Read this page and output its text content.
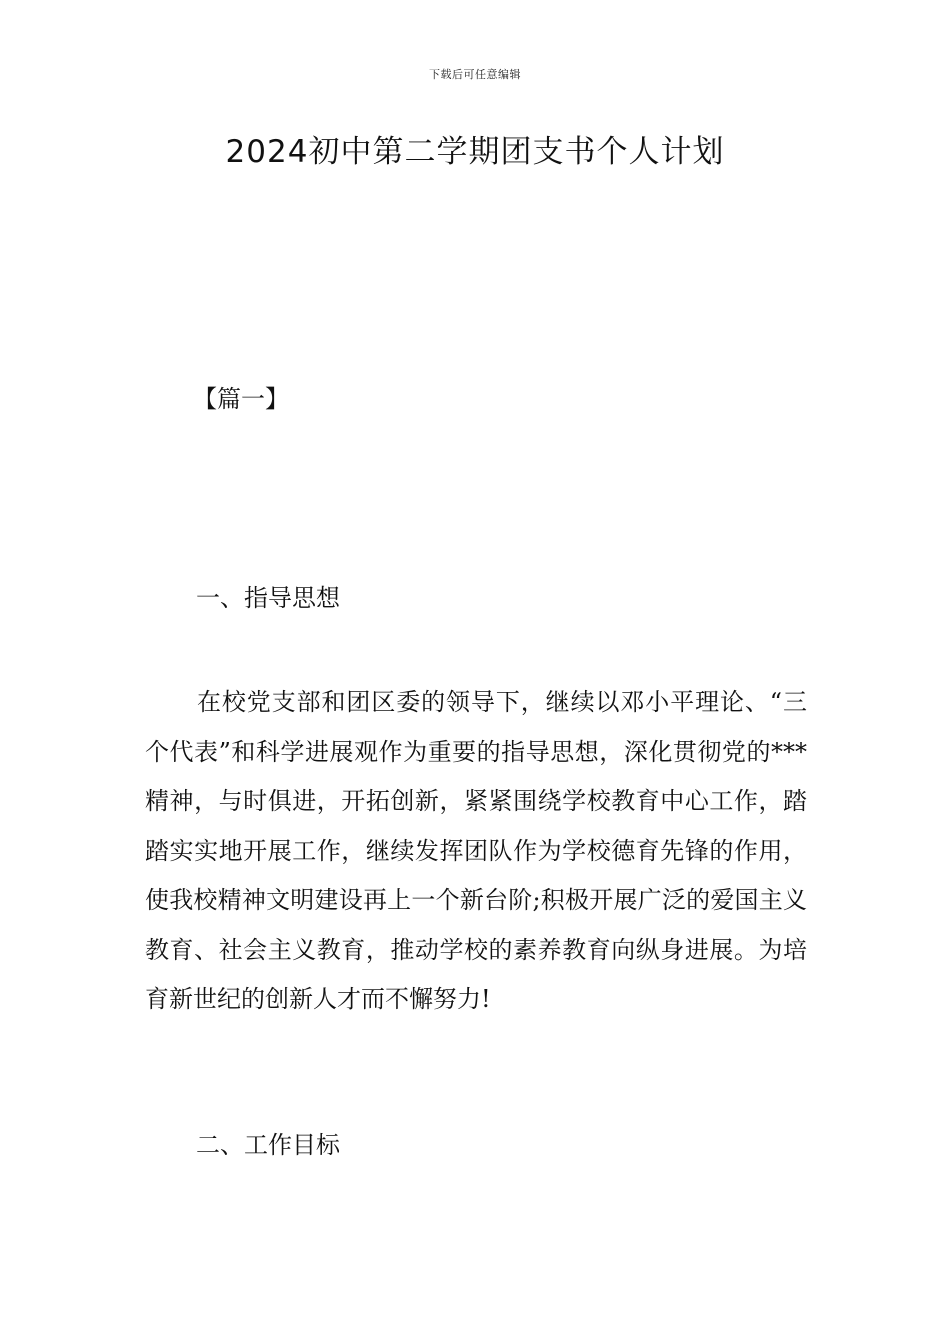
下载后可任意编辑
2024初中第二学期团支书个人计划
【篇一】
一、指导思想

在校党支部和团区委的领导下，继续以邓小平理论、“三个代表”和科学进展观作为重要的指导思想，深化贯彻党的***精神，与时俱进，开拓创新，紧紧围绕学校教育中心工作，踏踏实实地开展工作，继续发挥团队作为学校德育先锋的作用，使我校精神文明建设再上一个新台阶;积极开展广泛的爱国主义教育、社会主义教育，推动学校的素养教育向纵身进展。为培育新世纪的创新人才而不懈努力!

二、工作目标
